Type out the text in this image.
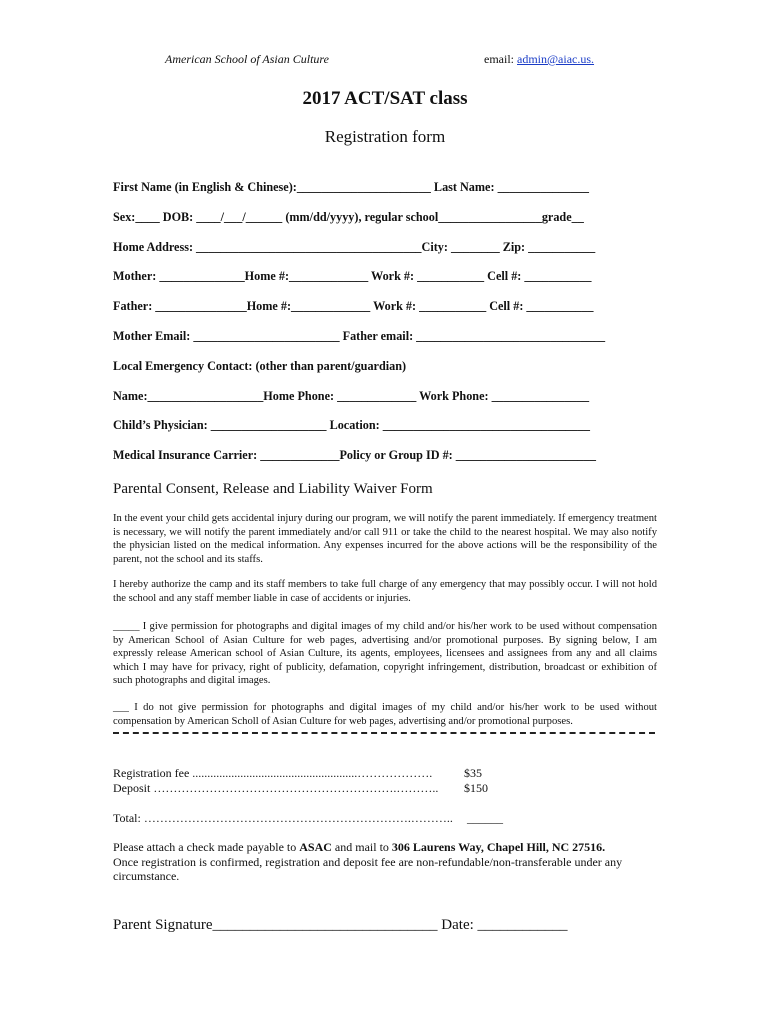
American School of Asian Culture	email: admin@aiac.us.
2017 ACT/SAT class
Registration form
First Name (in English & Chinese):______________________ Last Name: _______________
Sex:____ DOB: ____/___/______ (mm/dd/yyyy), regular school_________________grade__
Home Address: _____________________________________City: ________ Zip: ___________
Mother: ______________Home #:_____________ Work #: ___________ Cell #: ___________
Father: _______________Home #:_____________ Work #: ___________ Cell #: ___________
Mother Email: ________________________ Father email: _______________________________
Local Emergency Contact: (other than parent/guardian)
Name:___________________Home Phone: _____________ Work Phone: ________________
Child’s Physician: ___________________ Location: __________________________________
Medical Insurance Carrier: _____________Policy or Group ID #: _______________________
Parental Consent, Release and Liability Waiver Form
In the event your child gets accidental injury during our program, we will notify the parent immediately. If emergency treatment is necessary, we will notify the parent immediately and/or call 911 or take the child to the nearest hospital. We may also notify the physician listed on the medical information. Any expenses incurred for the above actions will be the responsibility of the parent, not the school and its staffs.
I hereby authorize the camp and its staff members to take full charge of any emergency that may possibly occur. I will not hold the school and any staff member liable in case of accidents or injuries.
_____ I give permission for photographs and digital images of my child and/or his/her work to be used without compensation by American School of Asian Culture for web pages, advertising and/or promotional purposes. By signing below, I am expressly release American school of Asian Culture, its agents, employees, licensees and assignees from any and all claims which I may have for privacy, right of publicity, defamation, copyright infringement, distribution, broadcast or exhibition of such photographs and digital images.
___ I do not give permission for photographs and digital images of my child and/or his/her work to be used without compensation by American Scholl of Asian Culture for web pages, advertising and/or promotional purposes.
Registration fee .......................................................……………….	$35
Deposit …………………………………………………….……….. $150
Total: ………………………………………………………….……….. ______
Please attach a check made payable to ASAC and mail to 306 Laurens Way, Chapel Hill, NC 27516.
Once registration is confirmed, registration and deposit fee are non-refundable/non-transferable under any circumstance.
Parent Signature______________________________ Date: ____________
